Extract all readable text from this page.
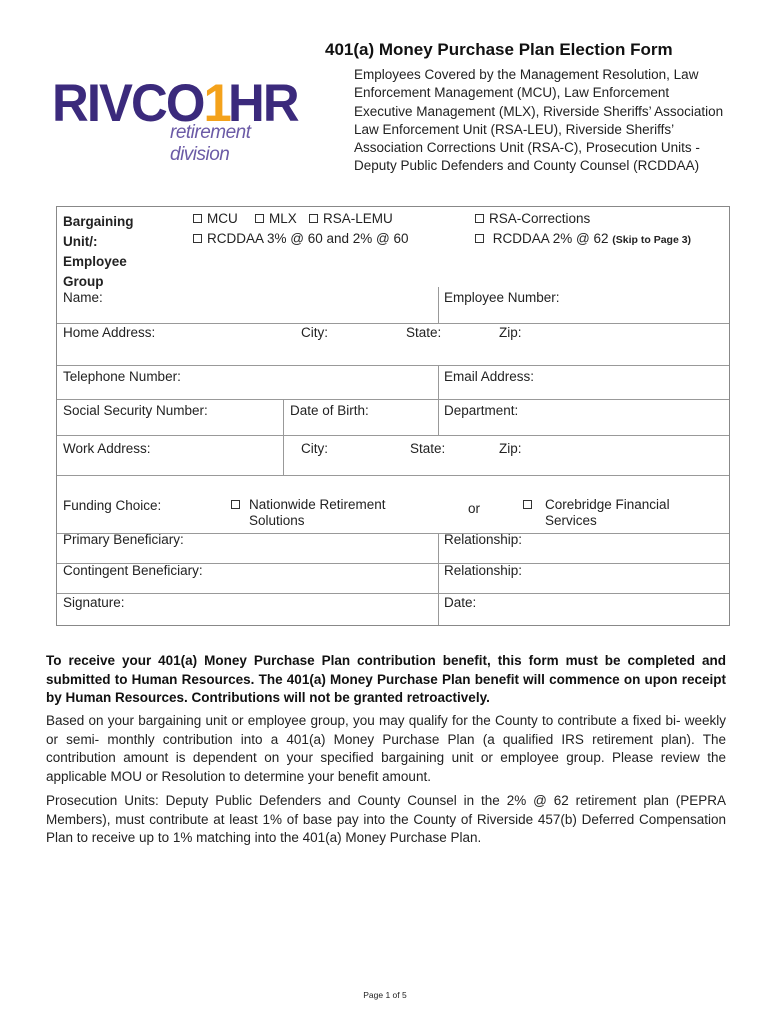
RIVCO1HR
retirement division
401(a) Money Purchase Plan Election Form
Employees Covered by the Management Resolution, Law Enforcement Management (MCU), Law Enforcement Executive Management (MLX), Riverside Sheriffs’ Association Law Enforcement Unit (RSA-LEU), Riverside Sheriffs’ Association Corrections Unit (RSA-C), Prosecution Units - Deputy Public Defenders and County Counsel (RCDDAA)
Bargaining Unit/: Employee Group
MCU	MLX	RSA-LEMU	RSA-Corrections
RCDDAA 3% @ 60 and 2% @ 60	RCDDAA 2% @ 62 (Skip to Page 3)
Name:	Employee Number:
Home Address:	City:	State:	Zip:
Telephone Number:	Email Address:
Social Security Number:	Date of Birth:	Department:
Work Address:	City:	State:	Zip:
Funding Choice:	Nationwide Retirement Solutions
or	Corebridge Financial Services
Primary Beneficiary:	Relationship:
Contingent Beneficiary:	Relationship:
Signature:	Date:
To receive your 401(a) Money Purchase Plan contribution benefit, this form must be completed and submitted to Human Resources. The 401(a) Money Purchase Plan benefit will commence on upon receipt by Human Resources. Contributions will not be granted retroactively.
Based on your bargaining unit or employee group, you may qualify for the County to contribute a fixed bi- weekly or semi- monthly contribution into a 401(a) Money Purchase Plan (a qualified IRS retirement plan). The contribution amount is dependent on your specified bargaining unit or employee group. Please review the applicable MOU or Resolution to determine your benefit amount.
Prosecution Units: Deputy Public Defenders and County Counsel in the 2% @ 62 retirement plan (PEPRA Members), must contribute at least 1% of base pay into the County of Riverside 457(b) Deferred Compensation Plan to receive up to 1% matching into the 401(a) Money Purchase Plan.
Page 1 of 5
